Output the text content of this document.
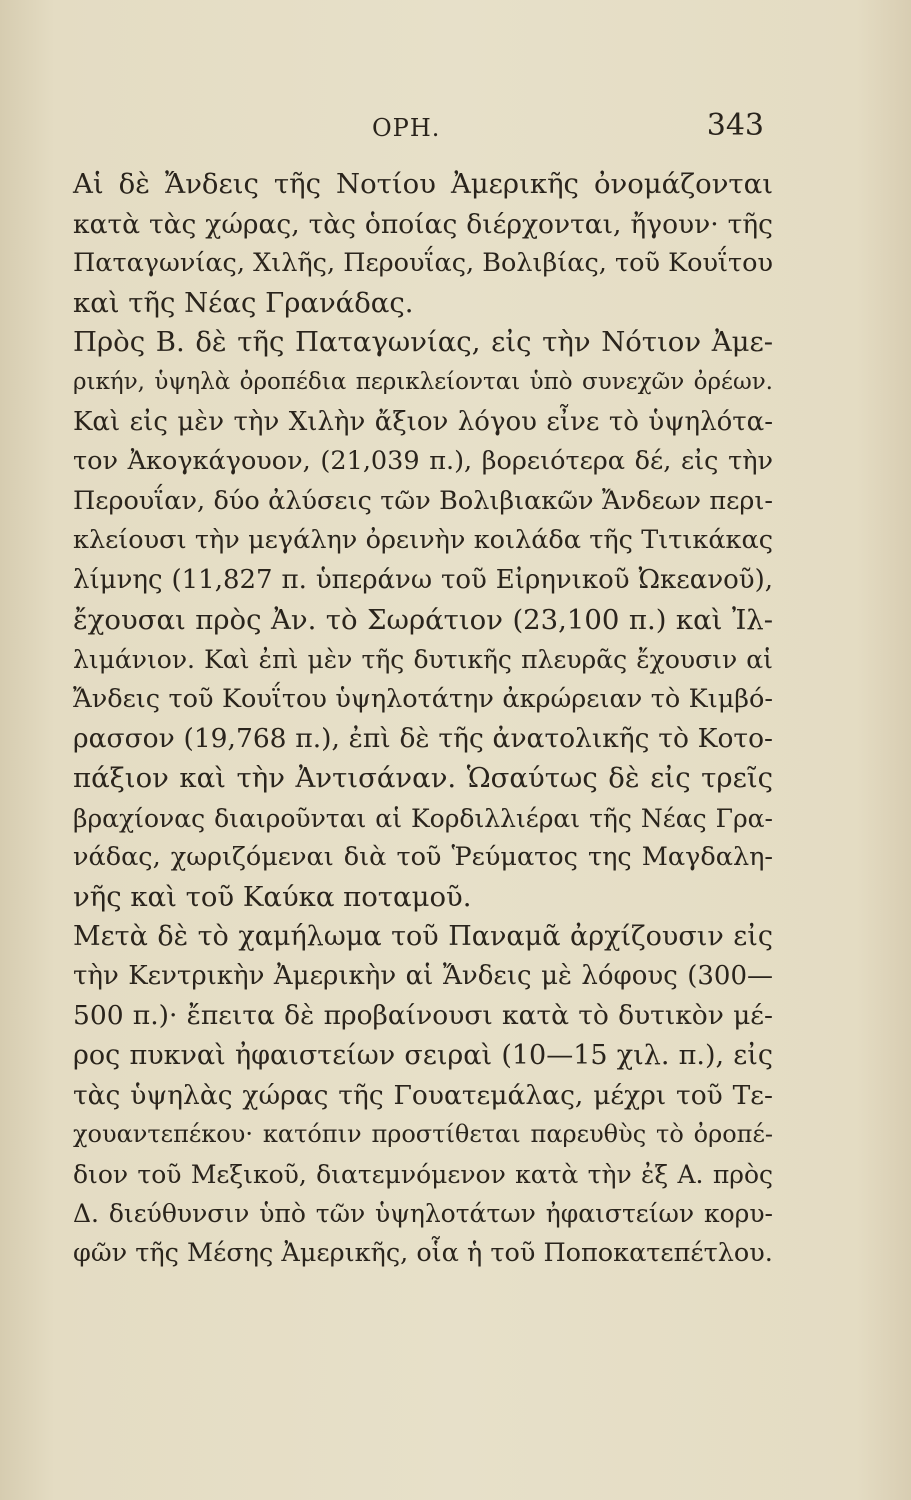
ΟΡΗ.	343
Αἱ δὲ Ἄνδεις τῆς Νοτίου Ἀμερικῆς ὀνομάζονται
κατὰ τὰς χώρας, τὰς ὁποίας διέρχονται, ἤγουν· τῆς
Παταγωνίας, Χιλῆς, Περουΐας, Βολιβίας, τοῦ Κουΐτου
καὶ τῆς Νέας Γρανάδας.
Πρὸς Β. δὲ τῆς Παταγωνίας, εἰς τὴν Νότιον Ἀμε-
ρικήν, ὑψηλὰ ὀροπέδια περικλείονται ὑπὸ συνεχῶν ὀρέων.
Καὶ εἰς μὲν τὴν Χιλὴν ἄξιον λόγου εἶνε τὸ ὑψηλότα-
τον Ἀκογκάγουον, (21,039 π.), βορειότερα δέ, εἰς τὴν
Περουΐαν, δύο ἀλύσεις τῶν Βολιβιακῶν Ἄνδεων περι-
κλείουσι τὴν μεγάλην ὀρεινὴν κοιλάδα τῆς Τιτικάκας
λίμνης (11,827 π. ὑπεράνω τοῦ Εἰρηνικοῦ Ὠκεανοῦ),
ἔχουσαι πρὸς Ἀν. τὸ Σωράτιον (23,100 π.) καὶ Ἰλ-
λιμάνιον. Καὶ ἐπὶ μὲν τῆς δυτικῆς πλευρᾶς ἔχουσιν αἱ
Ἄνδεις τοῦ Κουΐτου ὑψηλοτάτην ἀκρώρειαν τὸ Κιμβό-
ρασσον (19,768 π.), ἐπὶ δὲ τῆς ἀνατολικῆς τὸ Κοτο-
πάξιον καὶ τὴν Ἀντισάναν. Ὡσαύτως δὲ εἰς τρεῖς
βραχίονας διαιροῦνται αἱ Κορδιλλιέραι τῆς Νέας Γρα-
νάδας, χωριζόμεναι διὰ τοῦ Ῥεύματος της Μαγδαλη-
νῆς καὶ τοῦ Καύκα ποταμοῦ.
Μετὰ δὲ τὸ χαμήλωμα τοῦ Παναμᾶ ἀρχίζουσιν εἰς
τὴν Κεντρικὴν Ἀμερικὴν αἱ Ἄνδεις μὲ λόφους (300—
500 π.)· ἔπειτα δὲ προβαίνουσι κατὰ τὸ δυτικὸν μέ-
ρος πυκναὶ ἠφαιστείων σειραὶ (10—15 χιλ. π.), εἰς
τὰς ὑψηλὰς χώρας τῆς Γουατεμάλας, μέχρι τοῦ Τε-
χουαντεπέκου· κατόπιν προστίθεται παρευθὺς τὸ ὀροπέ-
διον τοῦ Μεξικοῦ, διατεμνόμενον κατὰ τὴν ἐξ Α. πρὸς
Δ. διεύθυνσιν ὑπὸ τῶν ὑψηλοτάτων ἠφαιστείων κορυ-
φῶν τῆς Μέσης Ἀμερικῆς, οἷα ἡ τοῦ Ποποκατεπέτλου.
